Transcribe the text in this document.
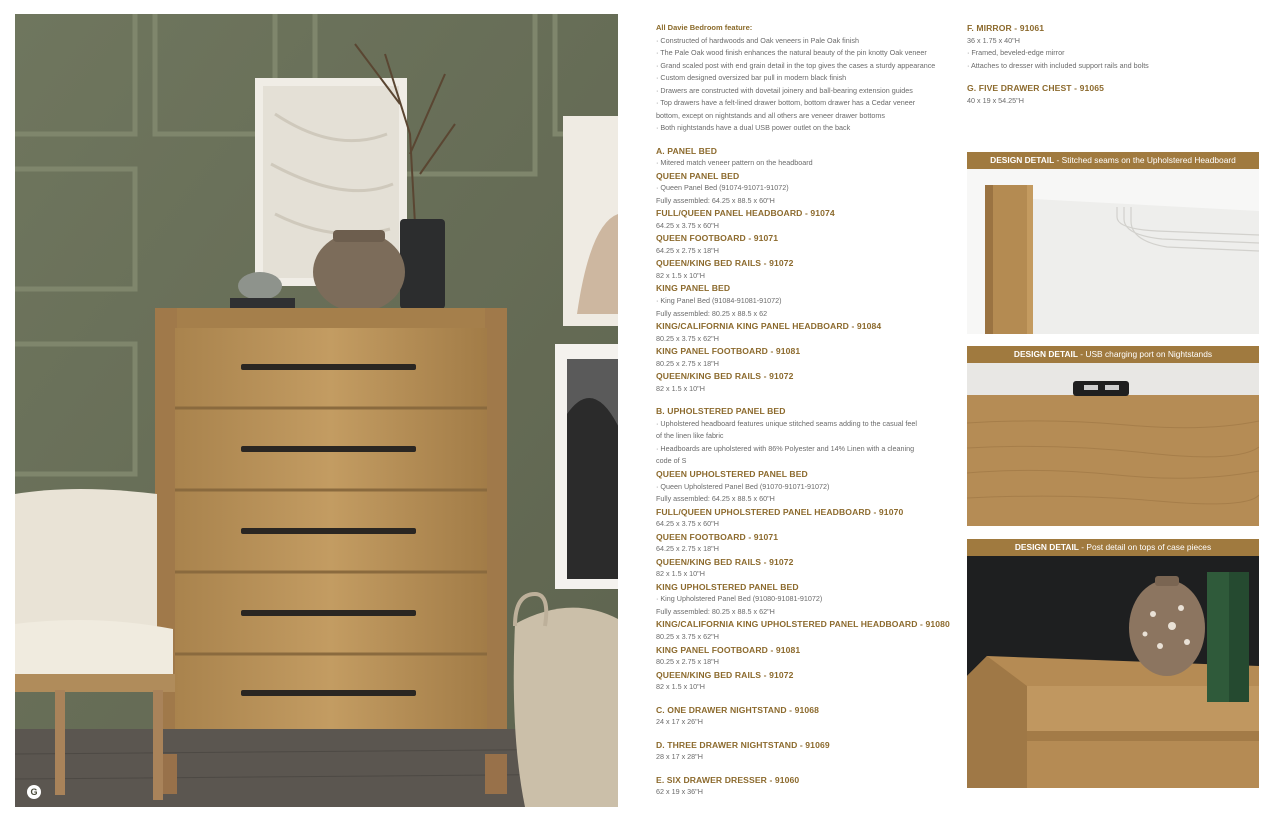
G
All Davie Bedroom feature:
· Constructed of hardwoods and Oak veneers in Pale Oak finish
· The Pale Oak wood finish enhances the natural beauty of the pin knotty Oak veneer
· Grand scaled post with end grain detail in the top gives the cases a sturdy appearance
· Custom designed oversized bar pull in modern black finish
· Drawers are constructed with dovetail joinery and ball-bearing extension guides
· Top drawers have a felt-lined drawer bottom, bottom drawer has a Cedar veneer
bottom, except on nightstands and all others are veneer drawer bottoms
· Both nightstands have a dual USB power outlet on the back
A. PANEL BED
· Mitered match veneer pattern on the headboard
QUEEN PANEL BED
· Queen Panel Bed (91074-91071-91072)
Fully assembled: 64.25 x 88.5 x 60"H
FULL/QUEEN PANEL HEADBOARD - 91074
64.25 x 3.75 x 60"H
QUEEN FOOTBOARD - 91071
64.25 x 2.75 x 18"H
QUEEN/KING BED RAILS - 91072
82 x 1.5 x 10"H
KING PANEL BED
· King Panel Bed (91084-91081-91072)
Fully assembled: 80.25 x 88.5 x 62
KING/CALIFORNIA KING PANEL HEADBOARD - 91084
80.25 x 3.75 x 62"H
KING PANEL FOOTBOARD - 91081
80.25 x 2.75 x 18"H
QUEEN/KING BED RAILS - 91072
82 x 1.5 x 10"H
B. UPHOLSTERED PANEL BED
· Upholstered headboard features unique stitched seams adding to the casual feel
of the linen like fabric
· Headboards are upholstered with 86% Polyester and 14% Linen with a cleaning
code of S
QUEEN UPHOLSTERED PANEL BED
· Queen Upholstered Panel Bed (91070-91071-91072)
Fully assembled: 64.25 x 88.5 x 60"H
FULL/QUEEN UPHOLSTERED PANEL HEADBOARD - 91070
64.25 x 3.75 x 60"H
QUEEN FOOTBOARD - 91071
64.25 x 2.75 x 18"H
QUEEN/KING BED RAILS - 91072
82 x 1.5 x 10"H
KING UPHOLSTERED PANEL BED
· King Upholstered Panel Bed (91080-91081-91072)
Fully assembled: 80.25 x 88.5 x 62"H
KING/CALIFORNIA KING UPHOLSTERED PANEL HEADBOARD - 91080
80.25 x 3.75 x 62"H
KING PANEL FOOTBOARD - 91081
80.25 x 2.75 x 18"H
QUEEN/KING BED RAILS - 91072
82 x 1.5 x 10"H
C. ONE DRAWER NIGHTSTAND - 91068
24 x 17 x 26"H
D. THREE DRAWER NIGHTSTAND - 91069
28 x 17 x 28"H
E. SIX DRAWER DRESSER - 91060
62 x 19 x 36"H
F. MIRROR - 91061
36 x 1.75 x 40"H
· Framed, beveled-edge mirror
· Attaches to dresser with included support rails and bolts
G. FIVE DRAWER CHEST - 91065
40 x 19 x 54.25"H
DESIGN DETAIL - Stitched seams on the Upholstered Headboard
DESIGN DETAIL - USB charging port on Nightstands
DESIGN DETAIL - Post detail on tops of case pieces
